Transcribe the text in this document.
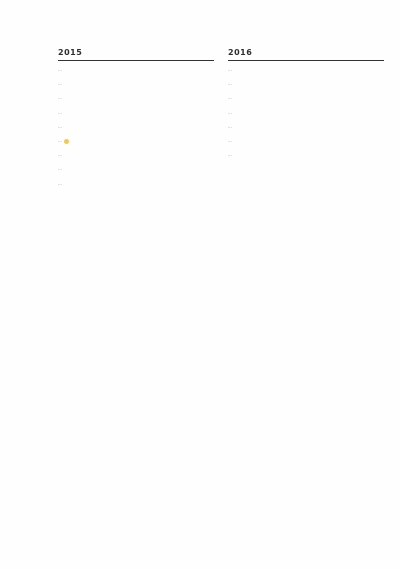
2015

…

…

…

…

…

…

…

…

…

2016

…

…

…

…

…

…

…
